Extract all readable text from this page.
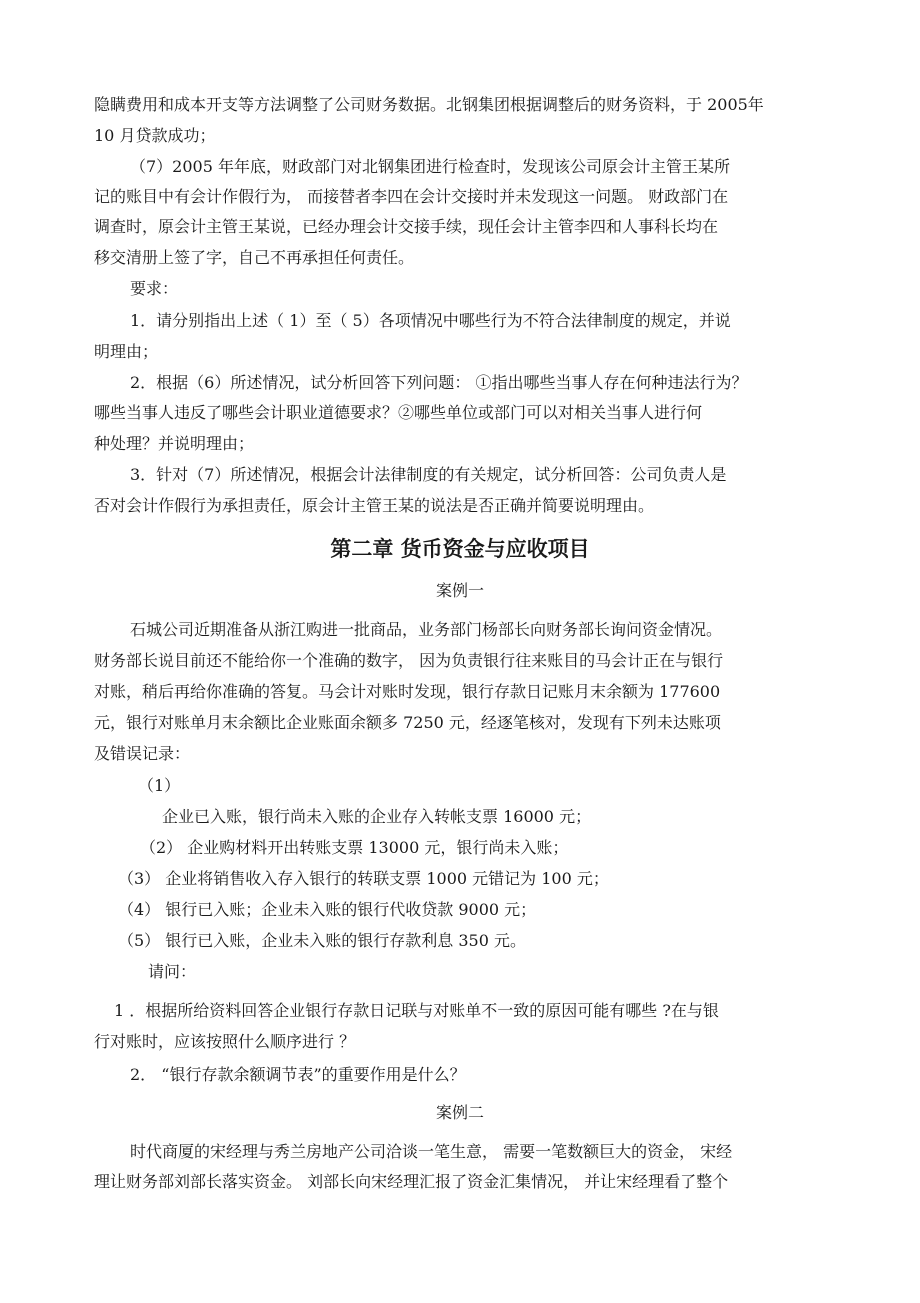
隐瞒费用和成本开支等方法调整了公司财务数据。北钢集团根据调整后的财务资料，于 2005年
10 月贷款成功；
（7）2005 年年底，财政部门对北钢集团进行检查时，发现该公司原会计主管王某所
记的账目中有会计作假行为， 而接替者李四在会计交接时并未发现这一问题。 财政部门在
调查时，原会计主管王某说，已经办理会计交接手续，现任会计主管李四和人事科长均在
移交清册上签了字，自己不再承担任何责任。
要求：
1．请分别指出上述（ 1）至（ 5）各项情况中哪些行为不符合法律制度的规定，并说
明理由；
2．根据（6）所述情况，试分析回答下列问题： ①指出哪些当事人存在何种违法行为？
哪些当事人违反了哪些会计职业道德要求？②哪些单位或部门可以对相关当事人进行何
种处理？并说明理由；
3．针对（7）所述情况，根据会计法律制度的有关规定，试分析回答：公司负责人是
否对会计作假行为承担责任，原会计主管王某的说法是否正确并简要说明理由。
第二章 货币资金与应收项目
案例一
石城公司近期准备从浙江购进一批商品，业务部门杨部长向财务部长询问资金情况。
财务部长说目前还不能给你一个准确的数字， 因为负责银行往来账目的马会计正在与银行
对账，稍后再给你准确的答复。马会计对账时发现，银行存款日记账月末余额为 177600
元，银行对账单月末余额比企业账面余额多 7250 元，经逐笔核对，发现有下列未达账项
及错误记录：
（1）
企业已入账，银行尚未入账的企业存入转帐支票 16000 元；
（2） 企业购材料开出转账支票 13000 元，银行尚未入账；
（3） 企业将销售收入存入银行的转联支票 1000 元错记为 100 元；
（4） 银行已入账；企业未入账的银行代收贷款 9000 元；
（5） 银行已入账，企业未入账的银行存款利息 350 元。
请问：
1 ．根据所给资料回答企业银行存款日记联与对账单不一致的原因可能有哪些 ?在与银
行对账时，应该按照什么顺序进行 ？
2． “银行存款余额调节表”的重要作用是什么？
案例二
时代商厦的宋经理与秀兰房地产公司洽谈一笔生意， 需要一笔数额巨大的资金， 宋经
理让财务部刘部长落实资金。 刘部长向宋经理汇报了资金汇集情况， 并让宋经理看了整个
